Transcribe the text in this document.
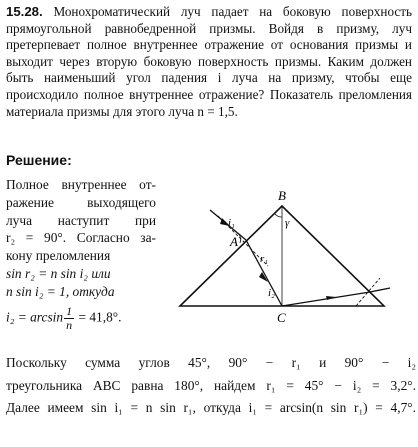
15.28. Монохроматический луч падает на боковую поверхность прямоугольной равнобедренной призмы. Войдя в призму, луч претерпевает полное внутреннее отражение от основания призмы и выходит через вторую боковую поверхность призмы. Каким должен быть наименьший угол падения i луча на призму, чтобы еще происходило полное внутреннее отражение? Показатель преломления материала призмы для этого луча n = 1,5.
Решение:
Полное внутреннее от-
ражение выходящего
луча наступит при
r₂ = 90°. Согласно за-
кону преломления
sin r₂ = n sin i₂ или
n sin i₂ = 1, откуда
$i_2 = \arcsin \frac{1}{n} = 41,8^\circ$.
A
B
C
i₁
r₁
i₂
γ
Поскольку сумма углов 45°, 90° − r₁ и 90° − i₂
треугольника ABC равна 180°, найдем r₁ = 45° − i₂ = 3,2°.
Далее имеем sin i₁ = n sin r₁, откуда i₁ = arcsin(n sin r₁) = 4,7°.
